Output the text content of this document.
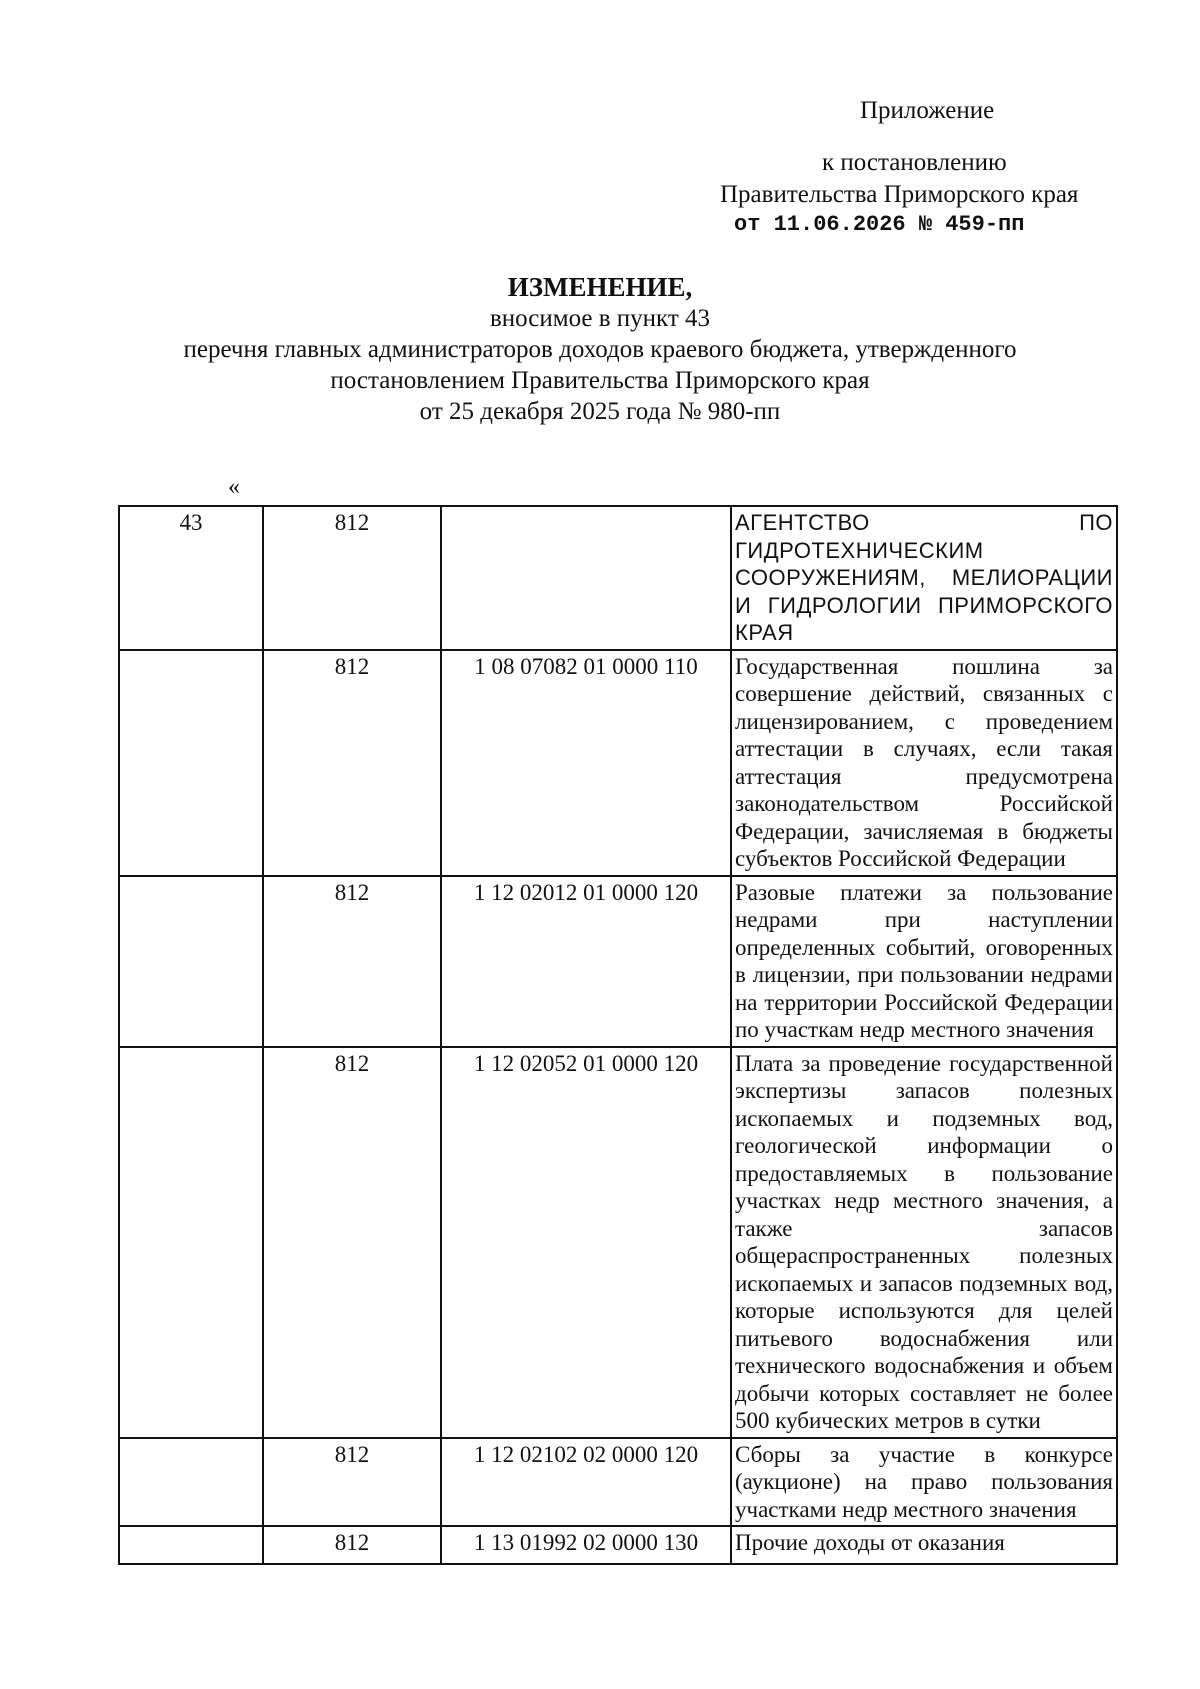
Приложение
к постановлению
Правительства Приморского края
от 11.06.2026 № 459-пп
ИЗМЕНЕНИЕ,
вносимое в пункт 43
перечня главных администраторов доходов краевого бюджета, утвержденного
постановлением Правительства Приморского края
от 25 декабря 2025 года № 980-пп
«
43	812		АГЕНТСТВО ПО ГИДРОТЕХНИЧЕСКИМ СООРУЖЕНИЯМ, МЕЛИОРАЦИИ И ГИДРОЛОГИИ ПРИМОРСКОГО КРАЯ
	812	1 08 07082 01 0000 110	Государственная пошлина за совершение действий, связанных с лицензированием, с проведением аттестации в случаях, если такая аттестация предусмотрена законодательством Российской Федерации, зачисляемая в бюджеты субъектов Российской Федерации
	812	1 12 02012 01 0000 120	Разовые платежи за пользование недрами при наступлении определенных событий, оговоренных в лицензии, при пользовании недрами на территории Российской Федерации по участкам недр местного значения
	812	1 12 02052 01 0000 120	Плата за проведение государственной экспертизы запасов полезных ископаемых и подземных вод, геологической информации о предоставляемых в пользование участках недр местного значения, а также запасов общераспространенных полезных ископаемых и запасов подземных вод, которые используются для целей питьевого водоснабжения или технического водоснабжения и объем добычи которых составляет не более 500 кубических метров в сутки
	812	1 12 02102 02 0000 120	Сборы за участие в конкурсе (аукционе) на право пользования участками недр местного значения
	812	1 13 01992 02 0000 130	Прочие доходы от оказания
